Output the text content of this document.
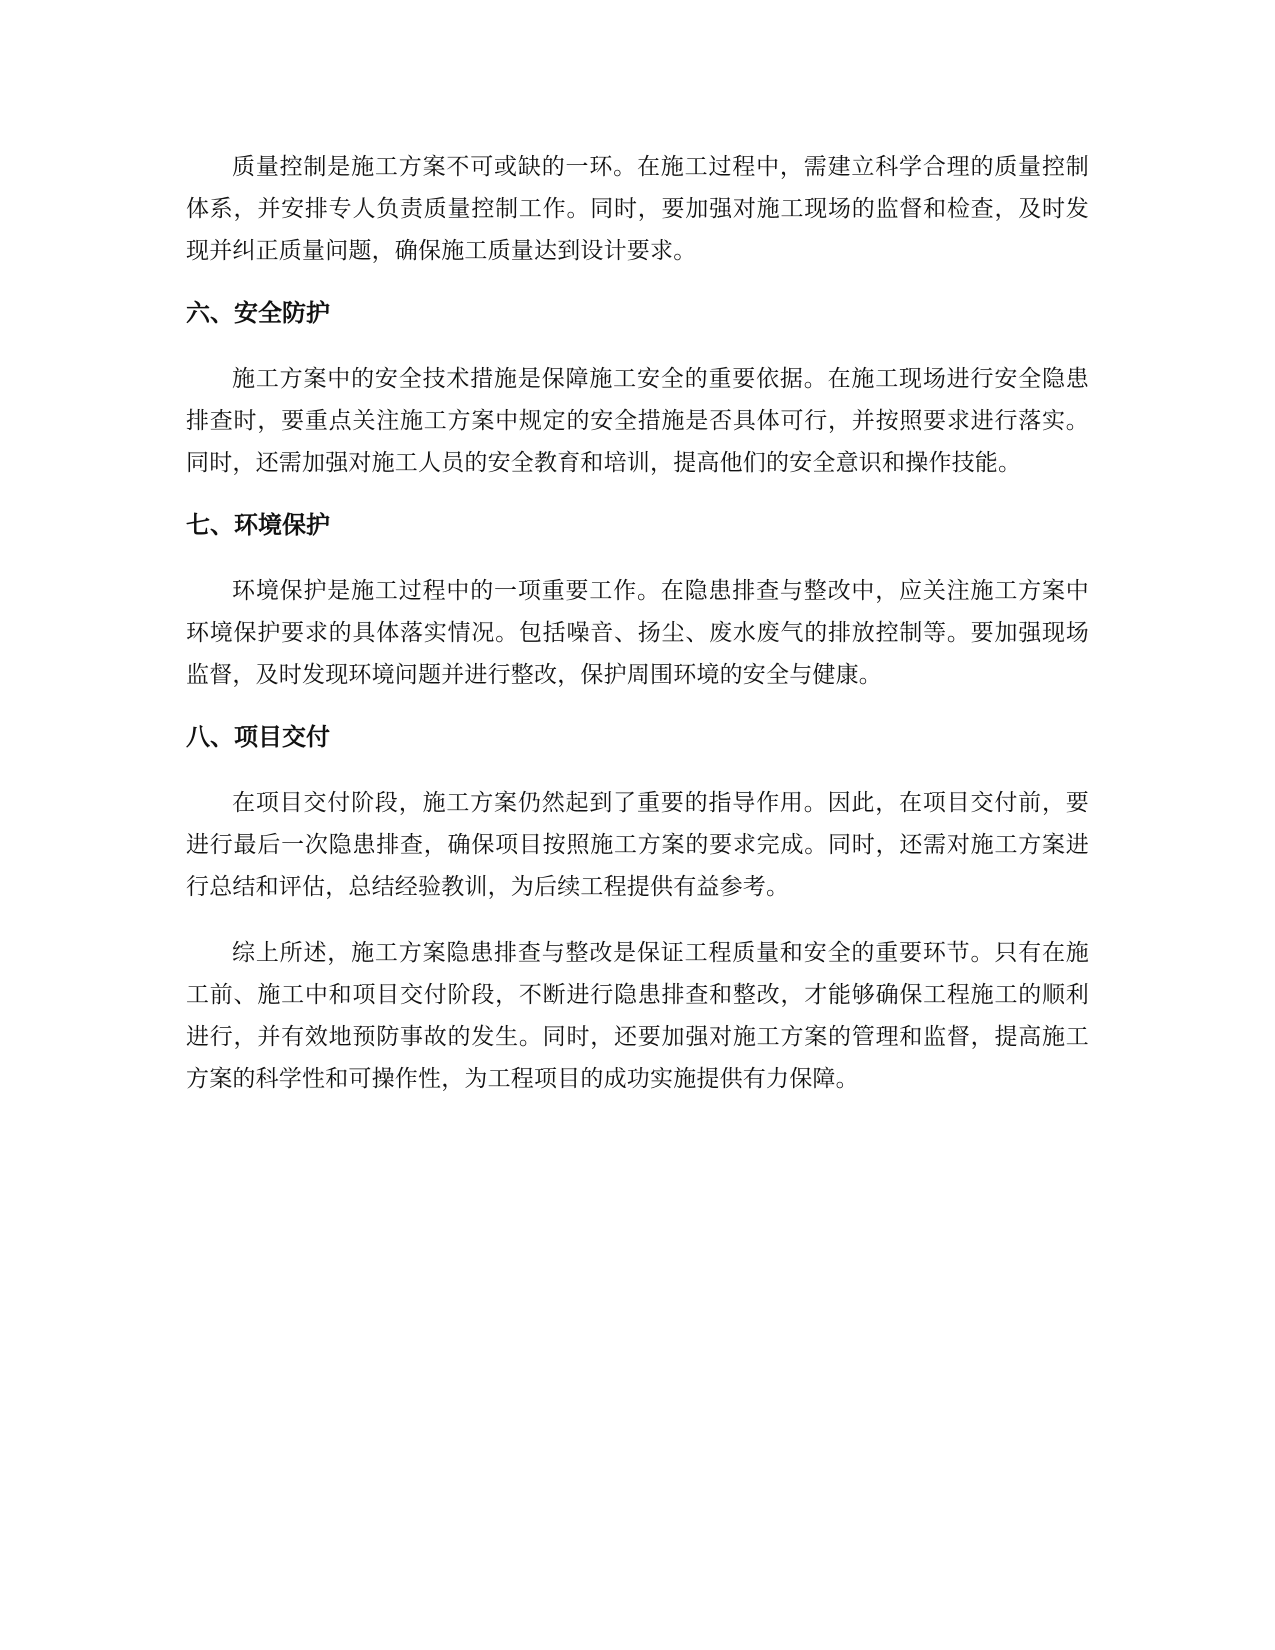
质量控制是施工方案不可或缺的一环。在施工过程中，需建立科学合理的质量控制体系，并安排专人负责质量控制工作。同时，要加强对施工现场的监督和检查，及时发现并纠正质量问题，确保施工质量达到设计要求。

六、安全防护

施工方案中的安全技术措施是保障施工安全的重要依据。在施工现场进行安全隐患排查时，要重点关注施工方案中规定的安全措施是否具体可行，并按照要求进行落实。同时，还需加强对施工人员的安全教育和培训，提高他们的安全意识和操作技能。

七、环境保护

环境保护是施工过程中的一项重要工作。在隐患排查与整改中，应关注施工方案中环境保护要求的具体落实情况。包括噪音、扬尘、废水废气的排放控制等。要加强现场监督，及时发现环境问题并进行整改，保护周围环境的安全与健康。

八、项目交付

在项目交付阶段，施工方案仍然起到了重要的指导作用。因此，在项目交付前，要进行最后一次隐患排查，确保项目按照施工方案的要求完成。同时，还需对施工方案进行总结和评估，总结经验教训，为后续工程提供有益参考。

综上所述，施工方案隐患排查与整改是保证工程质量和安全的重要环节。只有在施工前、施工中和项目交付阶段，不断进行隐患排查和整改，才能够确保工程施工的顺利进行，并有效地预防事故的发生。同时，还要加强对施工方案的管理和监督，提高施工方案的科学性和可操作性，为工程项目的成功实施提供有力保障。
